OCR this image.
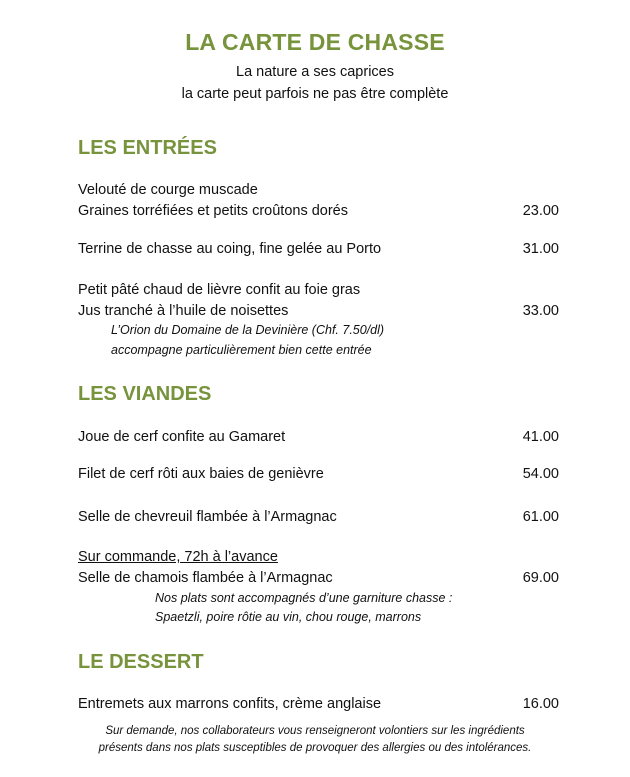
LA CARTE DE CHASSE
La nature a ses caprices
la carte peut parfois ne pas être complète
LES ENTRÉES
Velouté de courge muscade
Graines torréfiées et petits croûtons dorés	23.00
Terrine de chasse au coing, fine gelée au Porto	31.00
Petit pâté chaud de lièvre confit au foie gras
Jus tranché à l’huile de noisettes	33.00
L’Orion du Domaine de la Devinière (Chf. 7.50/dl)
accompagne particulièrement bien cette entrée
LES VIANDES
Joue de cerf confite au Gamaret	41.00
Filet de cerf rôti aux baies de genièvre	54.00
Selle de chevreuil flambée à l’Armagnac	61.00
Sur commande, 72h à l’avance
Selle de chamois flambée à l’Armagnac	69.00
Nos plats sont accompagnés d’une garniture chasse :
Spaetzli, poire rôtie au vin, chou rouge, marrons
LE DESSERT
Entremets aux marrons confits, crème anglaise	16.00
Sur demande, nos collaborateurs vous renseigneront volontiers sur les ingrédients
présents dans nos plats susceptibles de provoquer des allergies ou des intolérances.
